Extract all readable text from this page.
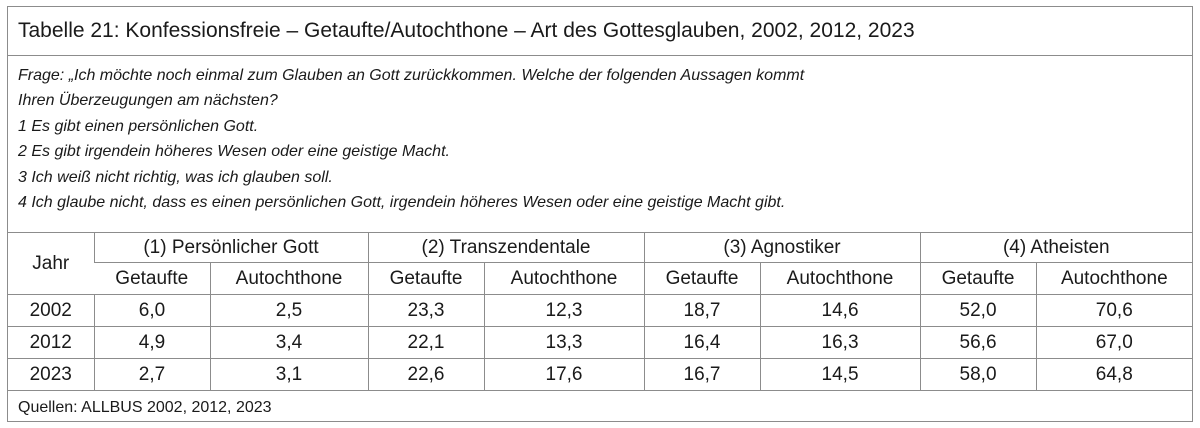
Tabelle 21: Konfessionsfreie – Getaufte/Autochthone – Art des Gottesglauben, 2002, 2012, 2023
Frage: „Ich möchte noch einmal zum Glauben an Gott zurückkommen. Welche der folgenden Aussagen kommt
Ihren Überzeugungen am nächsten?
1 Es gibt einen persönlichen Gott.
2 Es gibt irgendein höheres Wesen oder eine geistige Macht.
3 Ich weiß nicht richtig, was ich glauben soll.
4 Ich glaube nicht, dass es einen persönlichen Gott, irgendein höheres Wesen oder eine geistige Macht gibt.
Jahr	(1) Persönlicher Gott		(2) Transzendentale		(3) Agnostiker		(4) Atheisten	
	Getaufte	Autochthone	Getaufte	Autochthone	Getaufte	Autochthone	Getaufte	Autochthone
2002	6,0	2,5	23,3	12,3	18,7	14,6	52,0	70,6
2012	4,9	3,4	22,1	13,3	16,4	16,3	56,6	67,0
2023	2,7	3,1	22,6	17,6	16,7	14,5	58,0	64,8
Quellen: ALLBUS 2002, 2012, 2023
